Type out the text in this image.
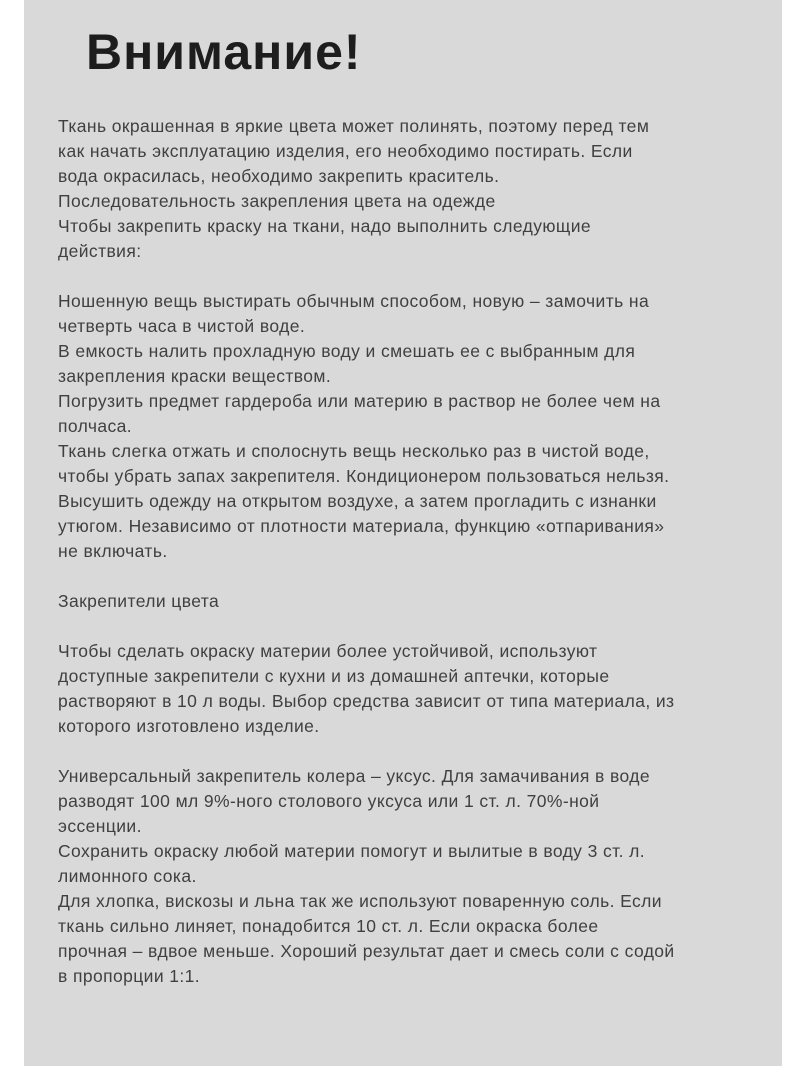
Внимание!
Ткань окрашенная в яркие цвета может полинять, поэтому перед тем
как начать эксплуатацию изделия, его необходимо постирать. Если
вода окрасилась, необходимо закрепить краситель.
Последовательность закрепления цвета на одежде
Чтобы закрепить краску на ткани, надо выполнить следующие
действия:
Ношенную вещь выстирать обычным способом, новую – замочить на
четверть часа в чистой воде.
В емкость налить прохладную воду и смешать ее с выбранным для
закрепления краски веществом.
Погрузить предмет гардероба или материю в раствор не более чем на
полчаса.
Ткань слегка отжать и сполоснуть вещь несколько раз в чистой воде,
чтобы убрать запах закрепителя. Кондиционером пользоваться нельзя.
Высушить одежду на открытом воздухе, а затем прогладить с изнанки
утюгом. Независимо от плотности материала, функцию «отпаривания»
не включать.
Закрепители цвета
Чтобы сделать окраску материи более устойчивой, используют
доступные закрепители с кухни и из домашней аптечки, которые
растворяют в 10 л воды. Выбор средства зависит от типа материала, из
которого изготовлено изделие.
Универсальный закрепитель колера – уксус. Для замачивания в воде
разводят 100 мл 9%-ного столового уксуса или 1 ст. л. 70%-ной
эссенции.
Сохранить окраску любой материи помогут и вылитые в воду 3 ст. л.
лимонного сока.
Для хлопка, вискозы и льна так же используют поваренную соль. Если
ткань сильно линяет, понадобится 10 ст. л. Если окраска более
прочная – вдвое меньше. Хороший результат дает и смесь соли с содой
в пропорции 1:1.
